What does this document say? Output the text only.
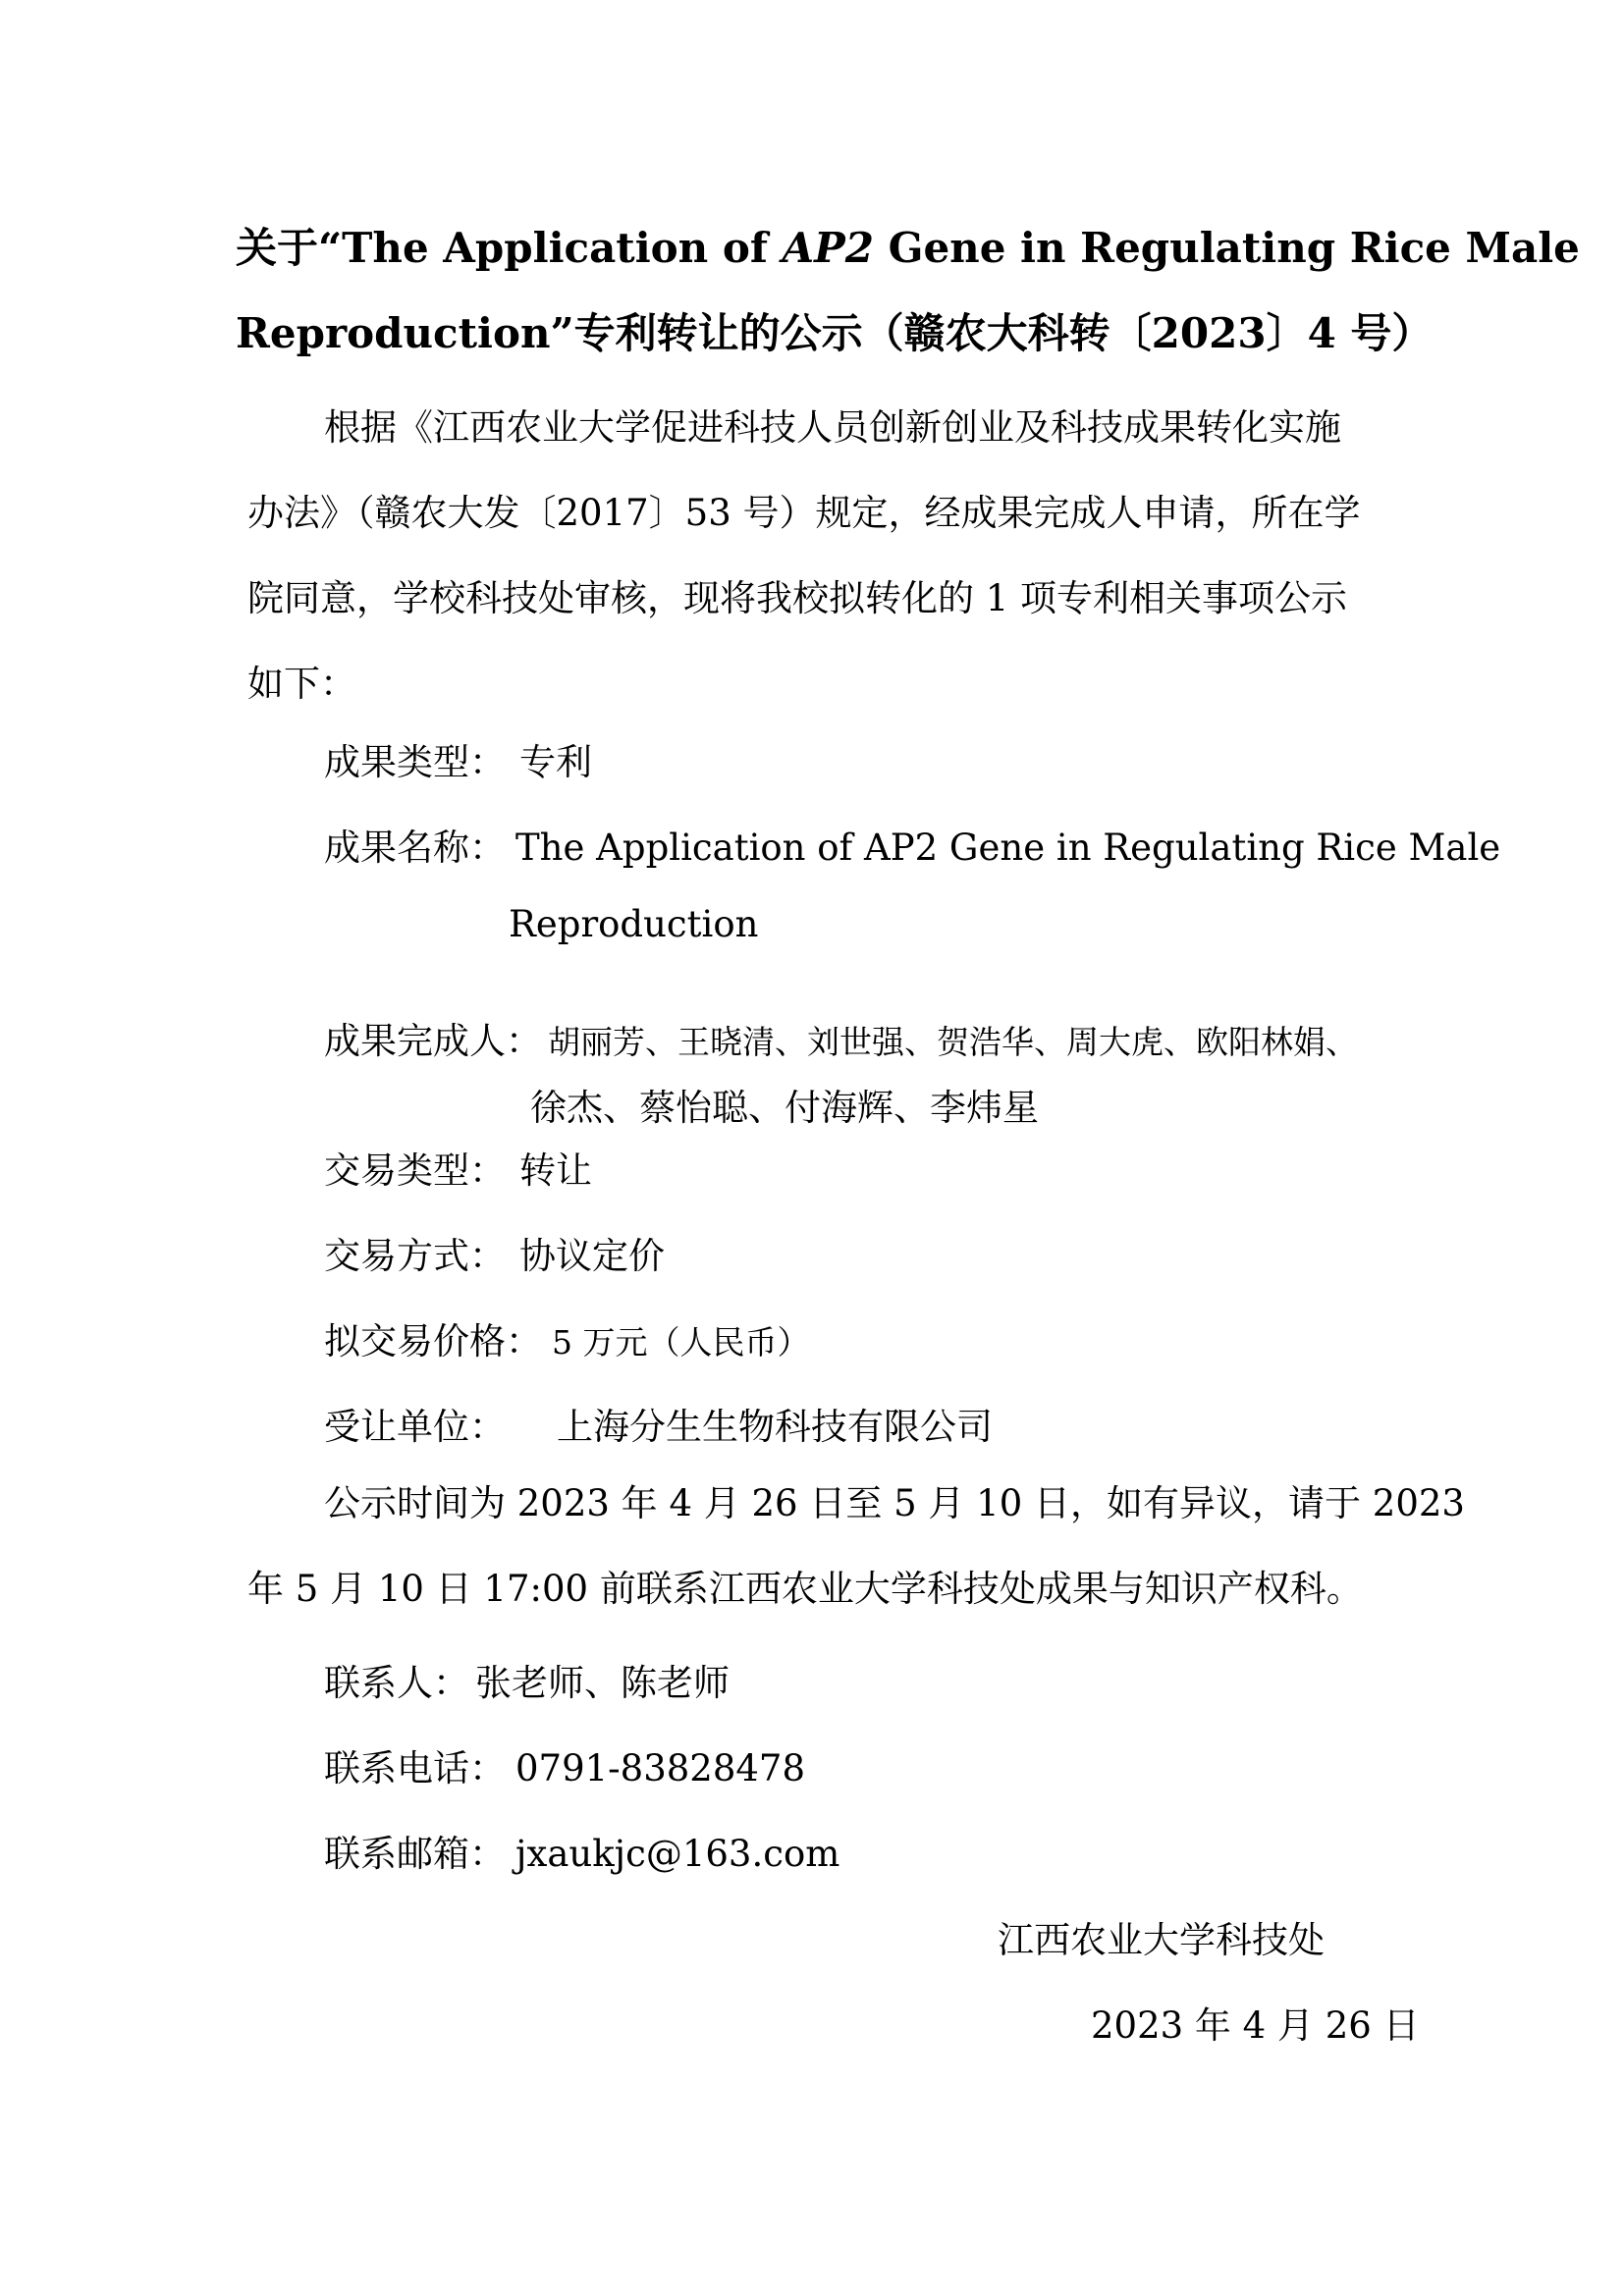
关于“The Application of AP2 Gene in Regulating Rice Male
Reproduction”专利转让的公示（赣农大科转〔2023〕4 号）
根据《江西农业大学促进科技人员创新创业及科技成果转化实施
办法》（赣农大发〔2017〕53 号）规定，经成果完成人申请，所在学
院同意，学校科技处审核，现将我校拟转化的 1 项专利相关事项公示
如下：
成果类型： 专利
成果名称： The Application of AP2 Gene in Regulating Rice Male
Reproduction
成果完成人： 胡丽芳、王晓清、刘世强、贺浩华、周大虎、欧阳林娟、
徐杰、蔡怡聪、付海辉、李炜星
交易类型： 转让
交易方式： 协议定价
拟交易价格： 5 万元（人民币）
受让单位： 上海分生生物科技有限公司
公示时间为 2023 年 4 月 26 日至 5 月 10 日，如有异议，请于 2023
年 5 月 10 日 17:00 前联系江西农业大学科技处成果与知识产权科。
联系人： 张老师、陈老师
联系电话： 0791-83828478
联系邮箱： jxaukjc@163.com
江西农业大学科技处
2023 年 4 月 26 日
